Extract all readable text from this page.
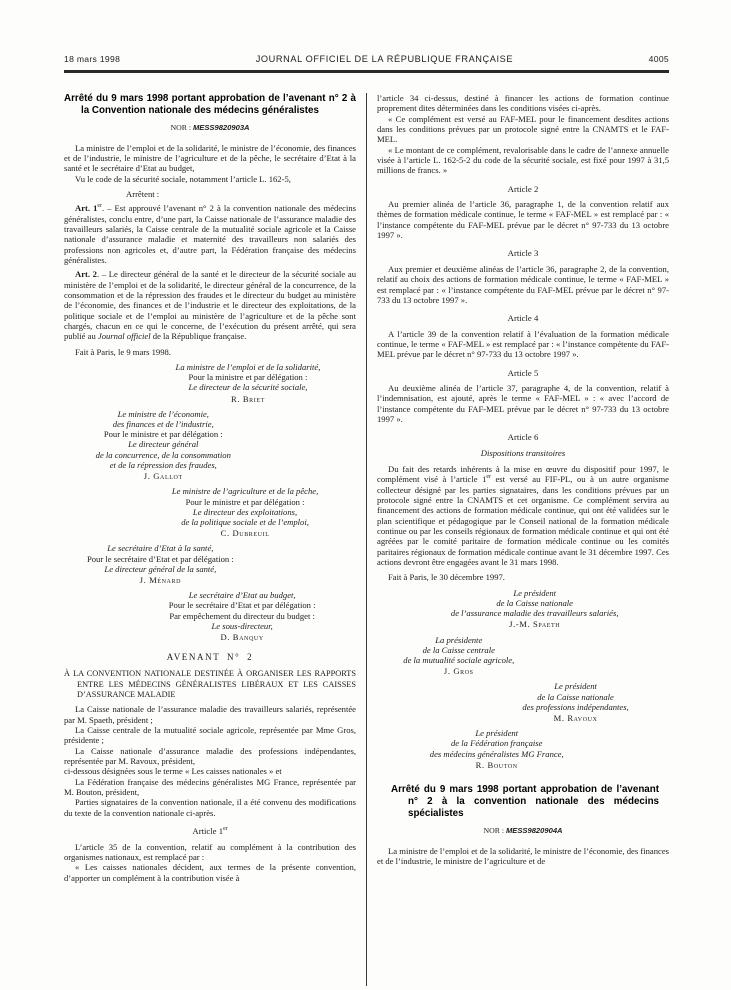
18 mars 1998	JOURNAL OFFICIEL DE LA RÉPUBLIQUE FRANÇAISE	4005
Arrêté du 9 mars 1998 portant approbation de l’avenant n° 2 à la Convention nationale des médecins généralistes

NOR : MESS9820903A

La ministre de l’emploi et de la solidarité, le ministre de l’économie, des finances et de l’industrie, le ministre de l’agriculture et de la pêche, le secrétaire d’Etat à la santé et le secrétaire d’Etat au budget,

Vu le code de la sécurité sociale, notamment l’article L. 162-5,

Arrêtent :

Art. 1er. – Est approuvé l’avenant n° 2 à la convention nationale des médecins généralistes, conclu entre, d’une part, la Caisse nationale de l’assurance maladie des travailleurs salariés, la Caisse centrale de la mutualité sociale agricole et la Caisse nationale d’assurance maladie et maternité des travailleurs non salariés des professions non agricoles et, d’autre part, la Fédération française des médecins généralistes.

Art. 2. – Le directeur général de la santé et le directeur de la sécurité sociale au ministère de l’emploi et de la solidarité, le directeur général de la concurrence, de la consommation et de la répression des fraudes et le directeur du budget au ministère de l’économie, des finances et de l’industrie et le directeur des exploitations, de la politique sociale et de l’emploi au ministère de l’agriculture et de la pêche sont chargés, chacun en ce qui le concerne, de l’exécution du présent arrêté, qui sera publié au Journal officiel de la République française.

Fait à Paris, le 9 mars 1998.

La ministre de l’emploi et de la solidarité,
Pour la ministre et par délégation :
Le directeur de la sécurité sociale,
R. Briet
Le ministre de l’économie,
des finances et de l’industrie,
Pour le ministre et par délégation :
Le directeur général
de la concurrence, de la consommation
et de la répression des fraudes,
J. Gallot
Le ministre de l’agriculture et de la pêche,
Pour le ministre et par délégation :
Le directeur des exploitations,
de la politique sociale et de l’emploi,
C. Dubreuil
Le secrétaire d’Etat à la santé,
Pour le secrétaire d’Etat et par délégation :
Le directeur général de la santé,
J. Ménard
Le secrétaire d’Etat au budget,
Pour le secrétaire d’Etat et par délégation :
Par empêchement du directeur du budget :
Le sous-directeur,
D. Banquy
AVENANT N° 2

À LA CONVENTION NATIONALE DESTINÉE À ORGANISER LES RAPPORTS ENTRE LES MÉDECINS GÉNÉRALISTES LIBÉRAUX ET LES CAISSES D’ASSURANCE MALADIE

La Caisse nationale de l’assurance maladie des travailleurs salariés, représentée par M. Spaeth, président ;

La Caisse centrale de la mutualité sociale agricole, représentée par Mme Gros, présidente ;

La Caisse nationale d’assurance maladie des professions indépendantes, représentée par M. Ravoux, président,

ci-dessous désignées sous le terme « Les caisses nationales » et

La Fédération française des médecins généralistes MG France, représentée par M. Bouton, président,

Parties signataires de la convention nationale, il a été convenu des modifications du texte de la convention nationale ci-après.

Article 1er

L’article 35 de la convention, relatif au complément à la contribution des organismes nationaux, est remplacé par :

« Les caisses nationales décident, aux termes de la présente convention, d’apporter un complément à la contribution visée à

l’article 34 ci-dessus, destiné à financer les actions de formation continue proprement dites déterminées dans les conditions visées ci-après.

« Ce complément est versé au FAF-MEL pour le financement desdites actions dans les conditions prévues par un protocole signé entre la CNAMTS et le FAF-MEL.

« Le montant de ce complément, revalorisable dans le cadre de l’annexe annuelle visée à l’article L. 162-5-2 du code de la sécurité sociale, est fixé pour 1997 à 31,5 millions de francs. »

Article 2

Au premier alinéa de l’article 36, paragraphe 1, de la convention relatif aux thèmes de formation médicale continue, le terme « FAF-MEL » est remplacé par : « l’instance compétente du FAF-MEL prévue par le décret n° 97-733 du 13 octobre 1997 ».

Article 3

Aux premier et deuxième alinéas de l’article 36, paragraphe 2, de la convention, relatif au choix des actions de formation médicale continue, le terme « FAF-MEL » est remplacé par : « l’instance compétente du FAF-MEL prévue par le décret n° 97-733 du 13 octobre 1997 ».

Article 4

A l’article 39 de la convention relatif à l’évaluation de la formation médicale continue, le terme « FAF-MEL » est remplacé par : « l’instance compétente du FAF-MEL prévue par le décret n° 97-733 du 13 octobre 1997 ».

Article 5

Au deuxième alinéa de l’article 37, paragraphe 4, de la convention, relatif à l’indemnisation, est ajouté, après le terme « FAF-MEL » : « avec l’accord de l’instance compétente du FAF-MEL prévue par le décret n° 97-733 du 13 octobre 1997 ».

Article 6

Dispositions transitoires

Du fait des retards inhérents à la mise en œuvre du dispositif pour 1997, le complément visé à l’article 1er est versé au FIF-PL, ou à un autre organisme collecteur désigné par les parties signataires, dans les conditions prévues par un protocole signé entre la CNAMTS et cet organisme. Ce complément servira au financement des actions de formation médicale continue, qui ont été validées sur le plan scientifique et pédagogique par le Conseil national de la formation médicale continue ou par les conseils régionaux de formation médicale continue et qui ont été agréées par le comité paritaire de formation médicale continue ou les comités paritaires régionaux de formation médicale continue avant le 31 décembre 1997. Ces actions devront être engagées avant le 31 mars 1998.

Fait à Paris, le 30 décembre 1997.

Le président
de la Caisse nationale
de l’assurance maladie des travailleurs salariés,
J.-M. Spaeth
La présidente
de la Caisse centrale
de la mutualité sociale agricole,
J. Gros
Le président
de la Caisse nationale
des professions indépendantes,
M. Ravoux
Le président
de la Fédération française
des médecins généralistes MG France,
R. Bouton
Arrêté du 9 mars 1998 portant approbation de l’avenant n° 2 à la convention nationale des médecins spécialistes

NOR : MESS9820904A

La ministre de l’emploi et de la solidarité, le ministre de l’économie, des finances et de l’industrie, le ministre de l’agriculture et de
